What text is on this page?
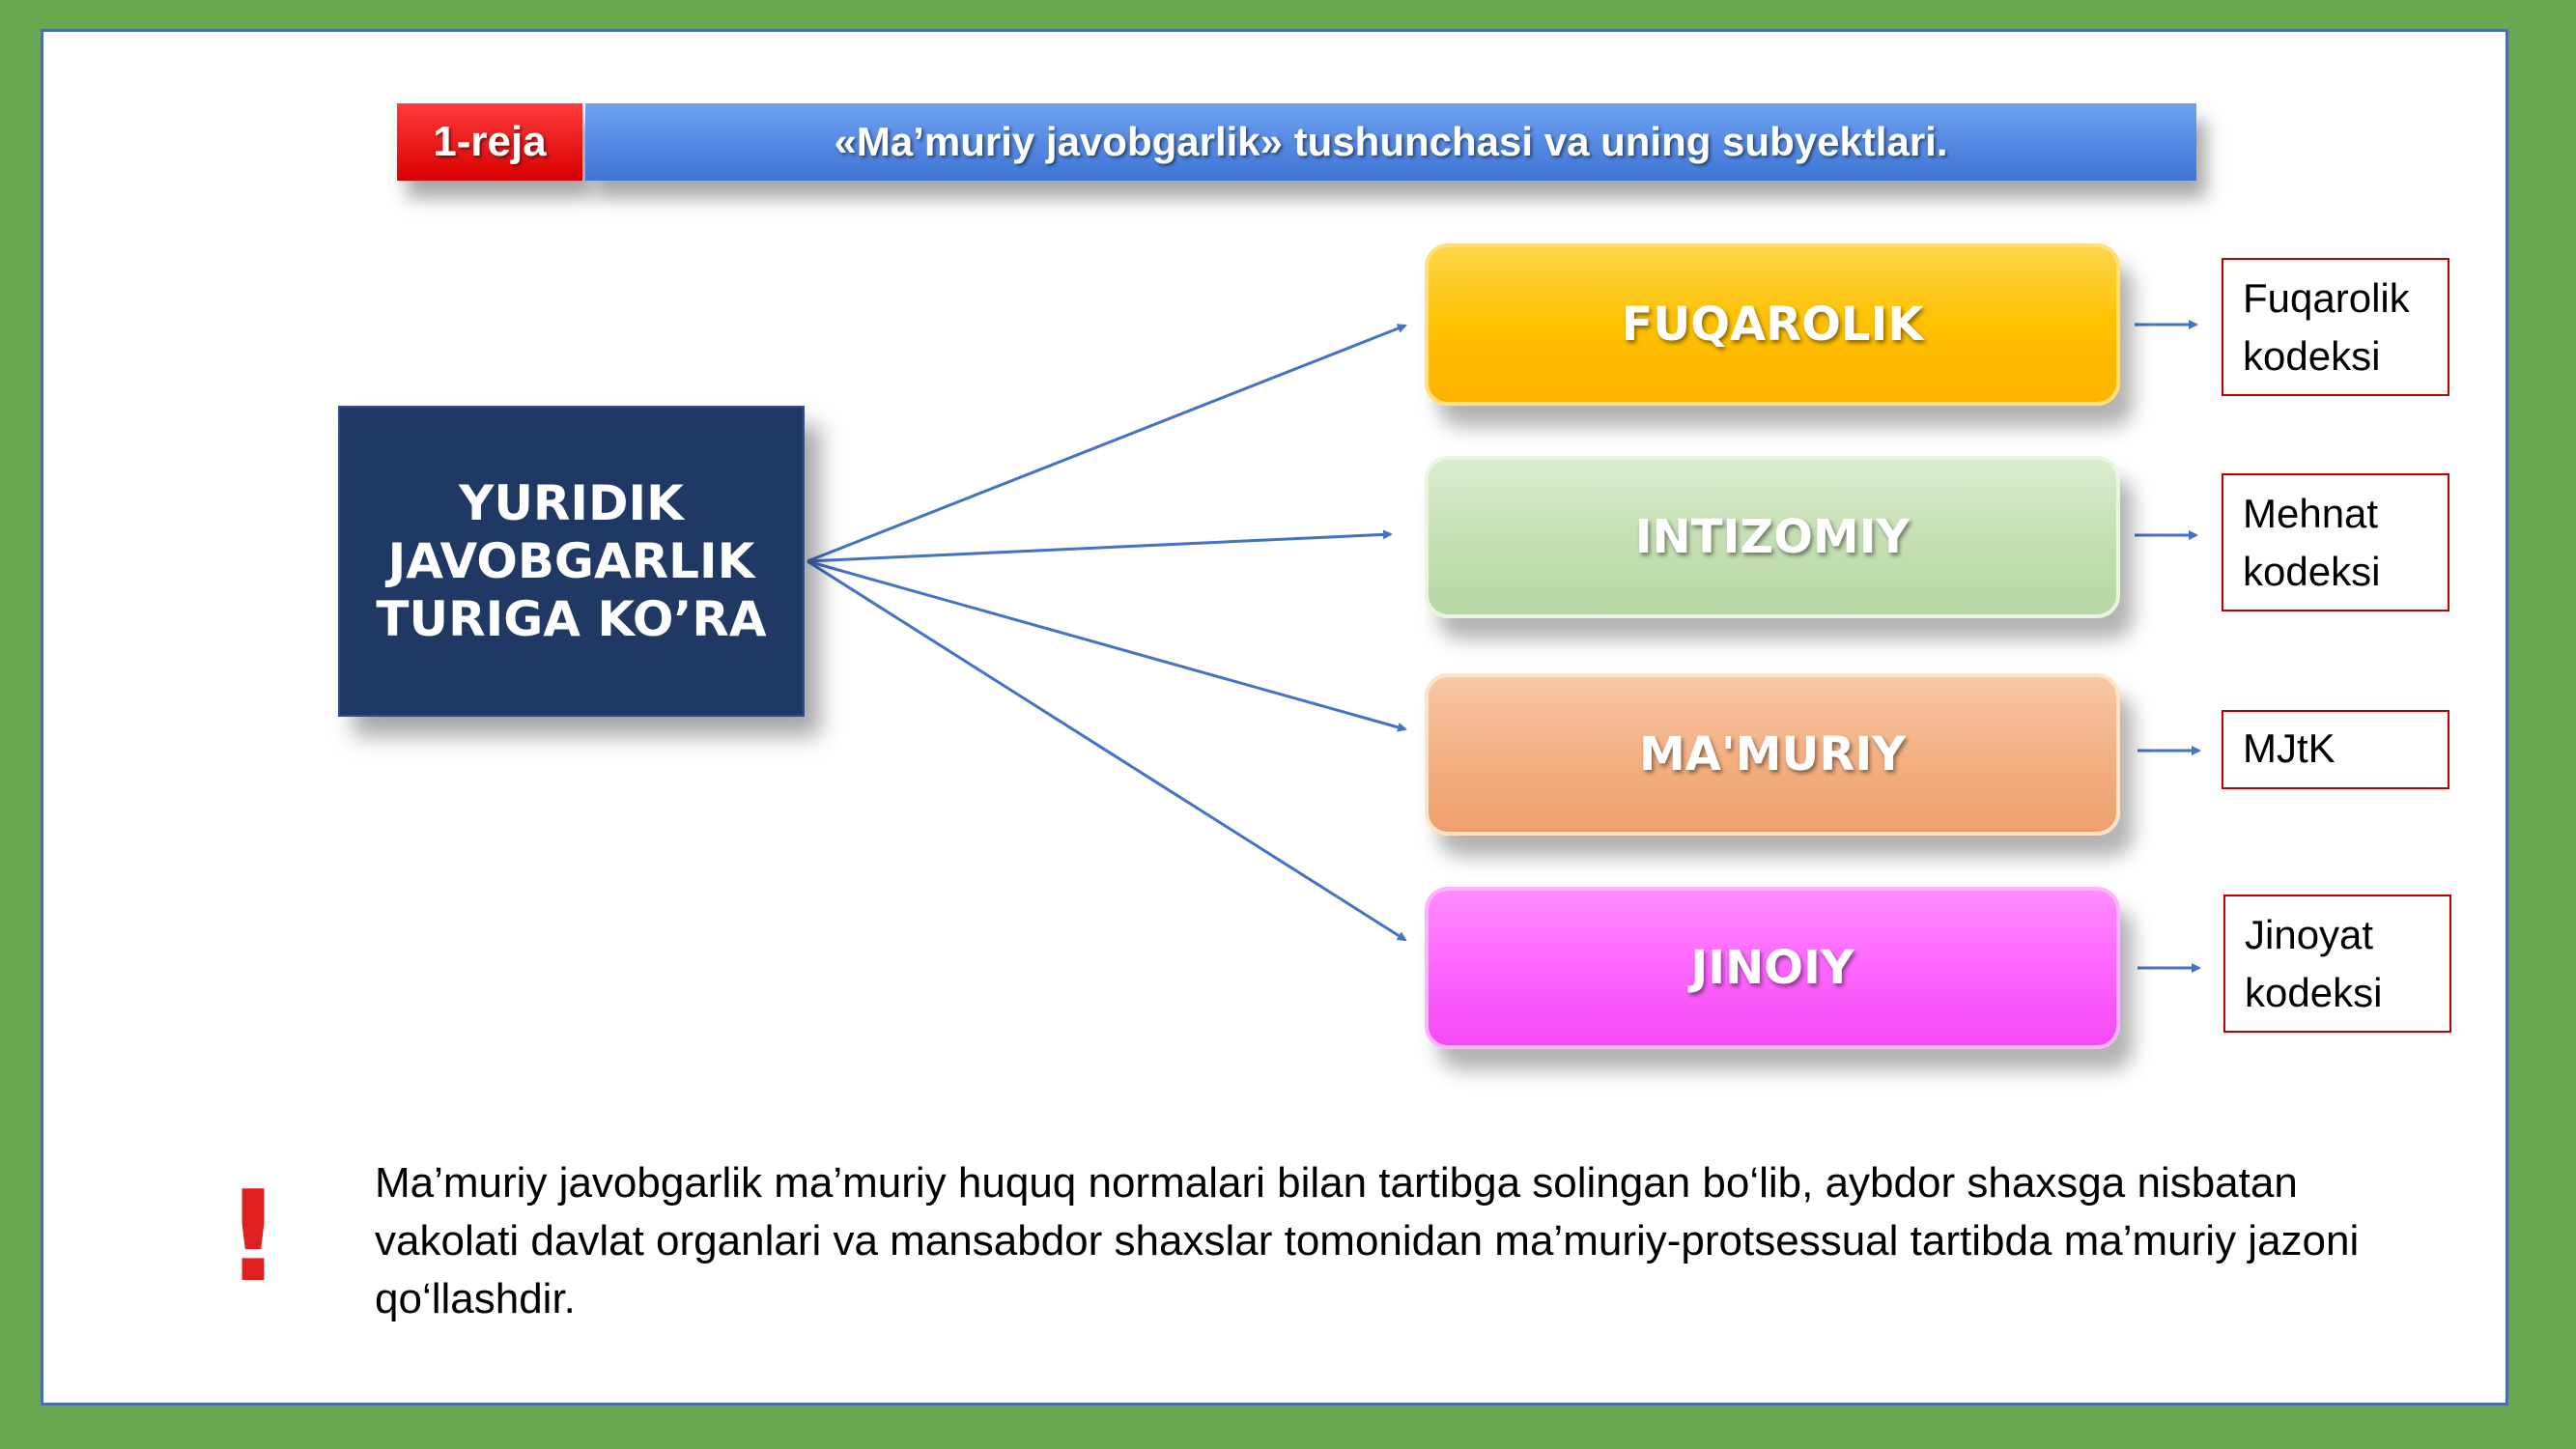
1-reja	«Ma’muriy javobgarlik» tushunchasi va uning subyektlari.
YURIDIK
JAVOBGARLIK
TURIGA KO’RA
FUQAROLIK
INTIZOMIY
MA'MURIY
JINOIY
Fuqarolik
kodeksi
Mehnat
kodeksi
MJtK
Jinoyat
kodeksi
! Ma’muriy javobgarlik ma’muriy huquq normalari bilan tartibga solingan bo‘lib, aybdor shaxsga nisbatan vakolati davlat organlari va mansabdor shaxslar tomonidan ma’muriy-protsessual tartibda ma’muriy jazoni qo‘llashdir.
